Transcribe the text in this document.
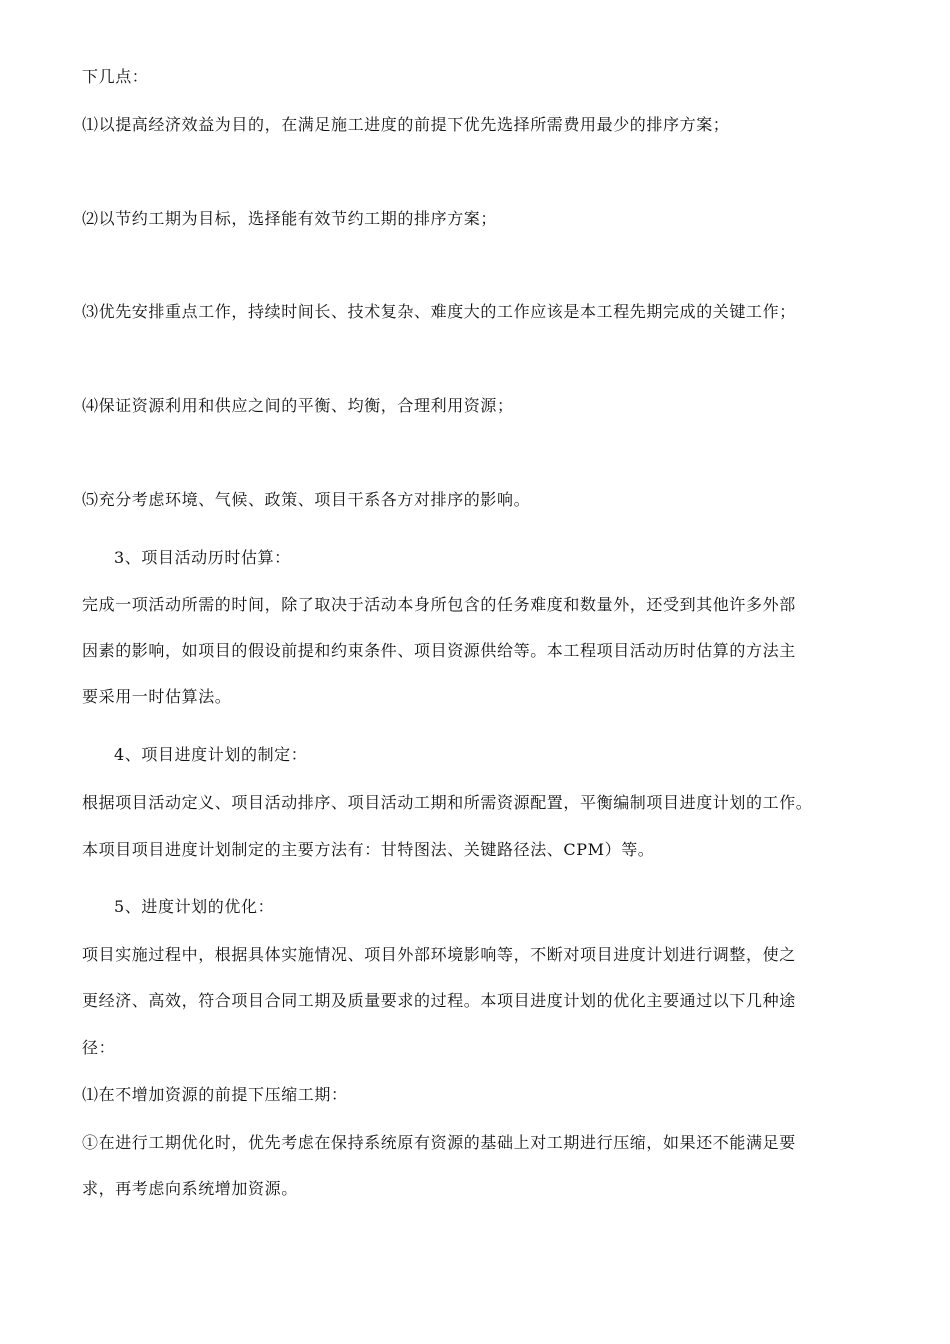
下几点：
⑴以提高经济效益为目的，在满足施工进度的前提下优先选择所需费用最少的排序方案；
⑵以节约工期为目标，选择能有效节约工期的排序方案；
⑶优先安排重点工作，持续时间长、技术复杂、难度大的工作应该是本工程先期完成的关键工作；
⑷保证资源利用和供应之间的平衡、均衡，合理利用资源；
⑸充分考虑环境、气候、政策、项目干系各方对排序的影响。
3、项目活动历时估算：
完成一项活动所需的时间，除了取决于活动本身所包含的任务难度和数量外，还受到其他许多外部
因素的影响，如项目的假设前提和约束条件、项目资源供给等。本工程项目活动历时估算的方法主
要采用一时估算法。
4、项目进度计划的制定：
根据项目活动定义、项目活动排序、项目活动工期和所需资源配置，平衡编制项目进度计划的工作。
本项目项目进度计划制定的主要方法有：甘特图法、关键路径法、CPM）等。
5、进度计划的优化：
项目实施过程中，根据具体实施情况、项目外部环境影响等，不断对项目进度计划进行调整，使之
更经济、高效，符合项目合同工期及质量要求的过程。本项目进度计划的优化主要通过以下几种途
径：
⑴在不增加资源的前提下压缩工期：
①在进行工期优化时，优先考虑在保持系统原有资源的基础上对工期进行压缩，如果还不能满足要
求，再考虑向系统增加资源。
